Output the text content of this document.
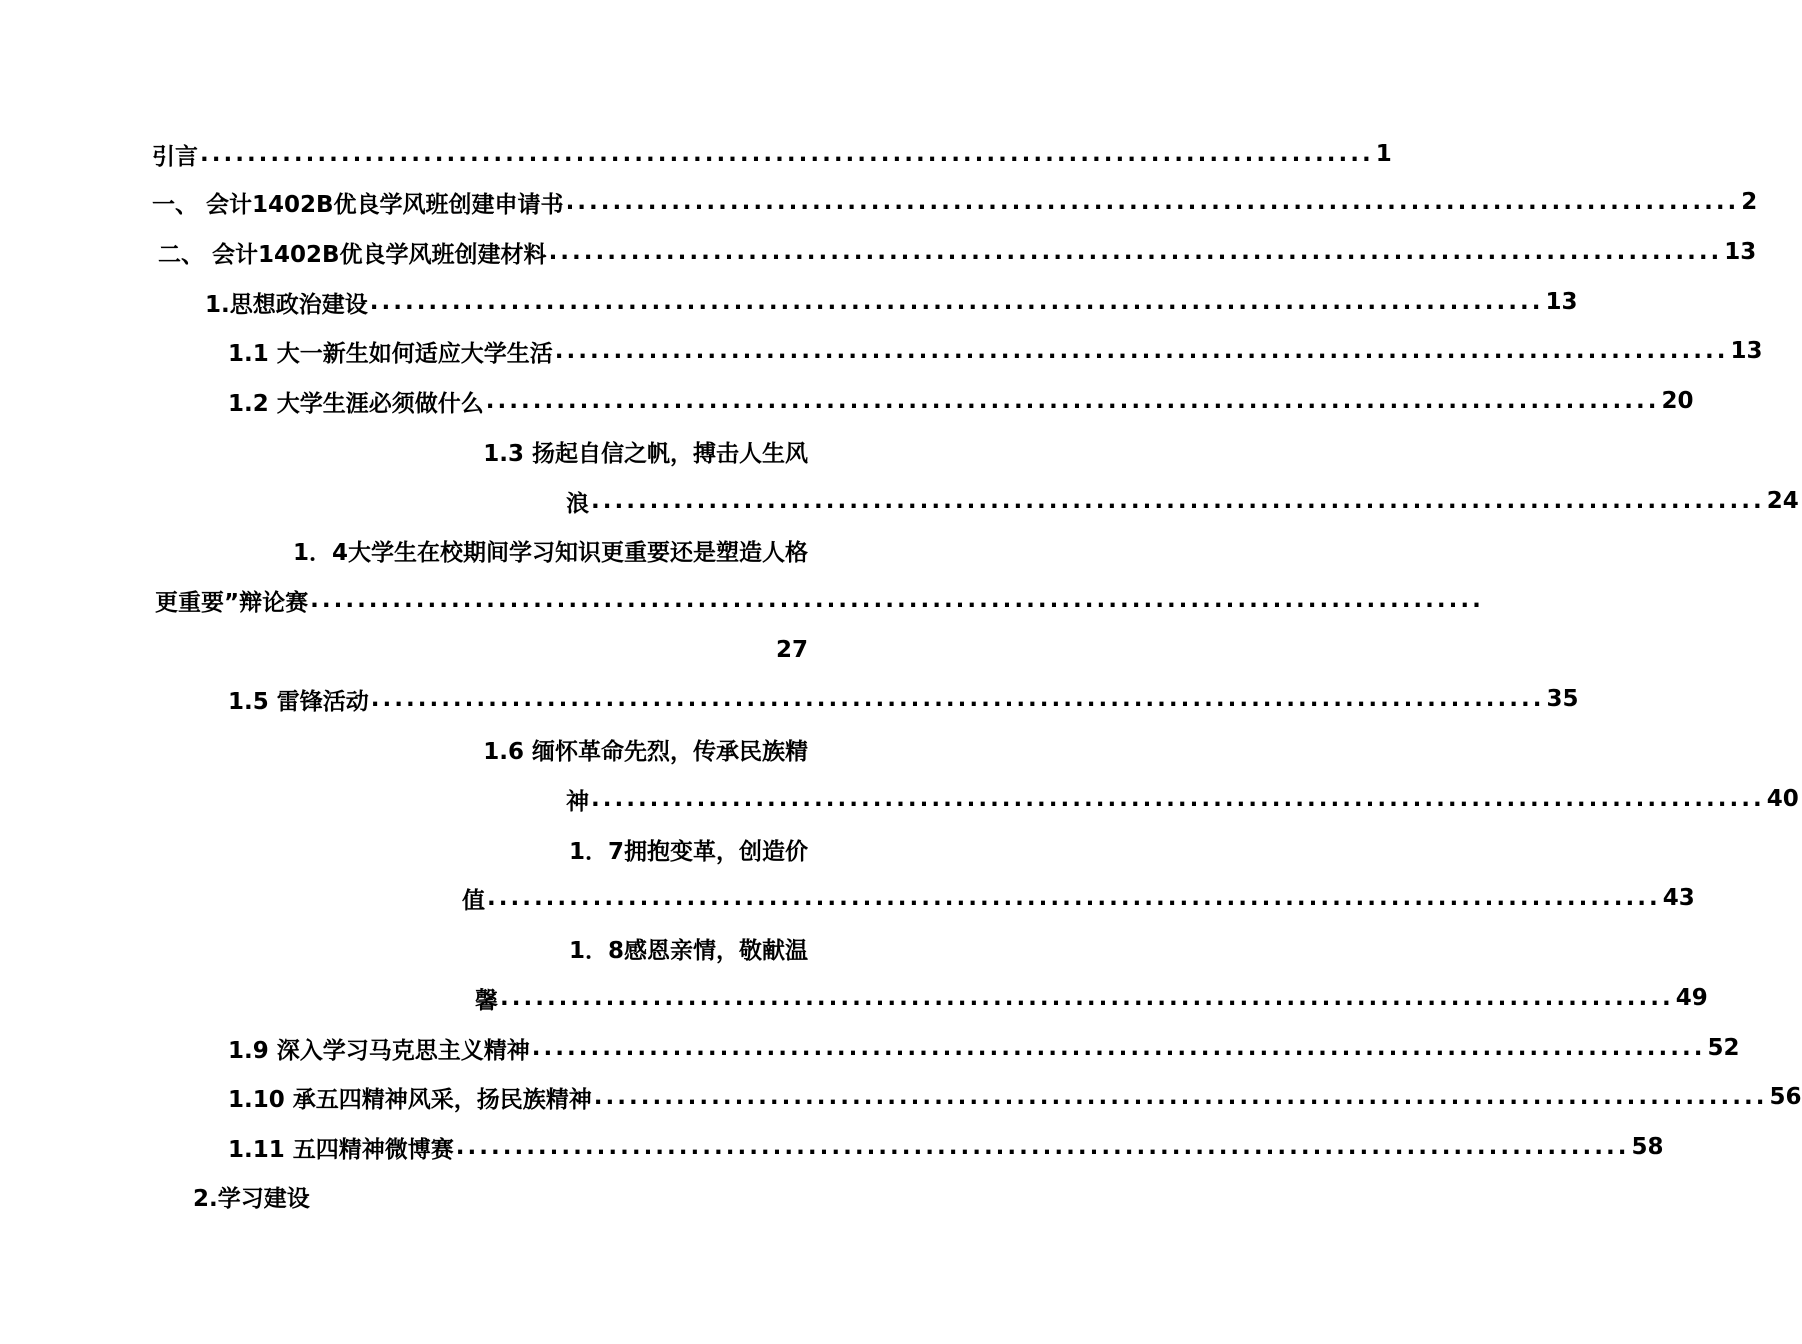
引言 .................................................................................................... 1
一、 会计1402B优良学风班创建申请书 .................................................................................................... 2
二、 会计1402B优良学风班创建材料 .................................................................................................... 13
1.思想政治建设 .................................................................................................... 13
1.1 大一新生如何适应大学生活 .................................................................................................... 13
1.2 大学生涯必须做什么 .................................................................................................... 20
1.3 扬起自信之帆，搏击人生风
浪 .................................................................................................... 24
1．4大学生在校期间学习知识更重要还是塑造人格
更重要”辩论赛 ....................................................................................................
27
1.5 雷锋活动 .................................................................................................... 35
1.6 缅怀革命先烈，传承民族精
神 .................................................................................................... 40
1．7拥抱变革，创造价
值 .................................................................................................... 43
1．8感恩亲情，敬献温
馨 .................................................................................................... 49
1.9 深入学习马克思主义精神 .................................................................................................... 52
1.10 承五四精神风采，扬民族精神 .................................................................................................... 56
1.11 五四精神微博赛 .................................................................................................... 58
2.学习建设
